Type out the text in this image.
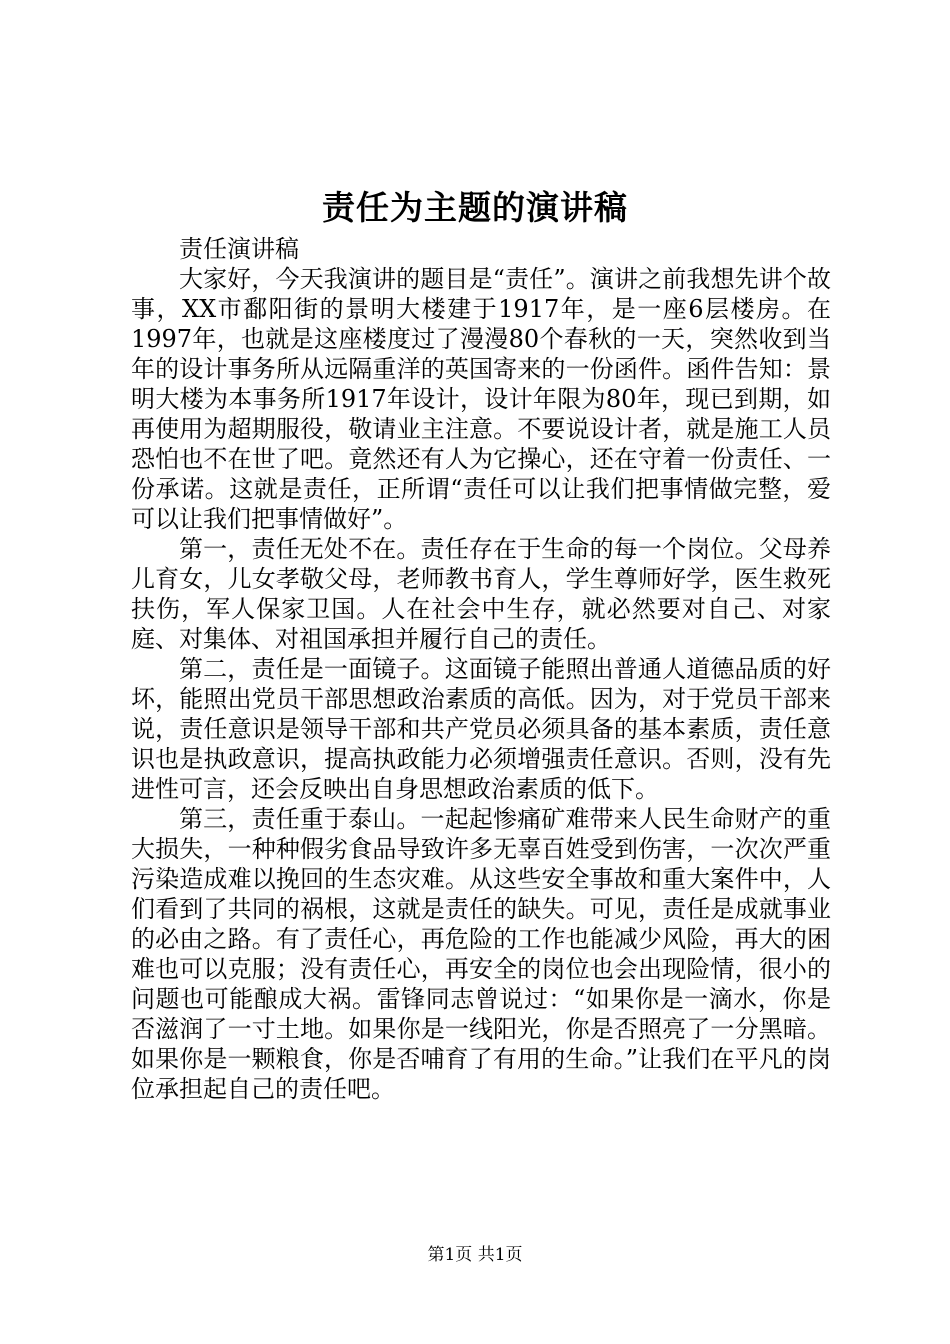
责任为主题的演讲稿

责任演讲稿

大家好，今天我演讲的题目是“责任”。演讲之前我想先讲个故事，XX市鄱阳街的景明大楼建于1917年，是一座6层楼房。在1997年，也就是这座楼度过了漫漫80个春秋的一天，突然收到当年的设计事务所从远隔重洋的英国寄来的一份函件。函件告知：景明大楼为本事务所1917年设计，设计年限为80年，现已到期，如再使用为超期服役，敬请业主注意。不要说设计者，就是施工人员恐怕也不在世了吧。竟然还有人为它操心，还在守着一份责任、一份承诺。这就是责任，正所谓“责任可以让我们把事情做完整，爱可以让我们把事情做好”。

第一，责任无处不在。责任存在于生命的每一个岗位。父母养儿育女，儿女孝敬父母，老师教书育人，学生尊师好学，医生救死扶伤，军人保家卫国。人在社会中生存，就必然要对自己、对家庭、对集体、对祖国承担并履行自己的责任。

第二，责任是一面镜子。这面镜子能照出普通人道德品质的好坏，能照出党员干部思想政治素质的高低。因为，对于党员干部来说，责任意识是领导干部和共产党员必须具备的基本素质，责任意识也是执政意识，提高执政能力必须增强责任意识。否则，没有先进性可言，还会反映出自身思想政治素质的低下。

第三，责任重于泰山。一起起惨痛矿难带来人民生命财产的重大损失，一种种假劣食品导致许多无辜百姓受到伤害，一次次严重污染造成难以挽回的生态灾难。从这些安全事故和重大案件中，人们看到了共同的祸根，这就是责任的缺失。可见，责任是成就事业的必由之路。有了责任心，再危险的工作也能减少风险，再大的困难也可以克服；没有责任心，再安全的岗位也会出现险情，很小的问题也可能酿成大祸。雷锋同志曾说过：“如果你是一滴水，你是否滋润了一寸土地。如果你是一线阳光，你是否照亮了一分黑暗。如果你是一颗粮食，你是否哺育了有用的生命。”让我们在平凡的岗位承担起自己的责任吧。

第1页 共1页
